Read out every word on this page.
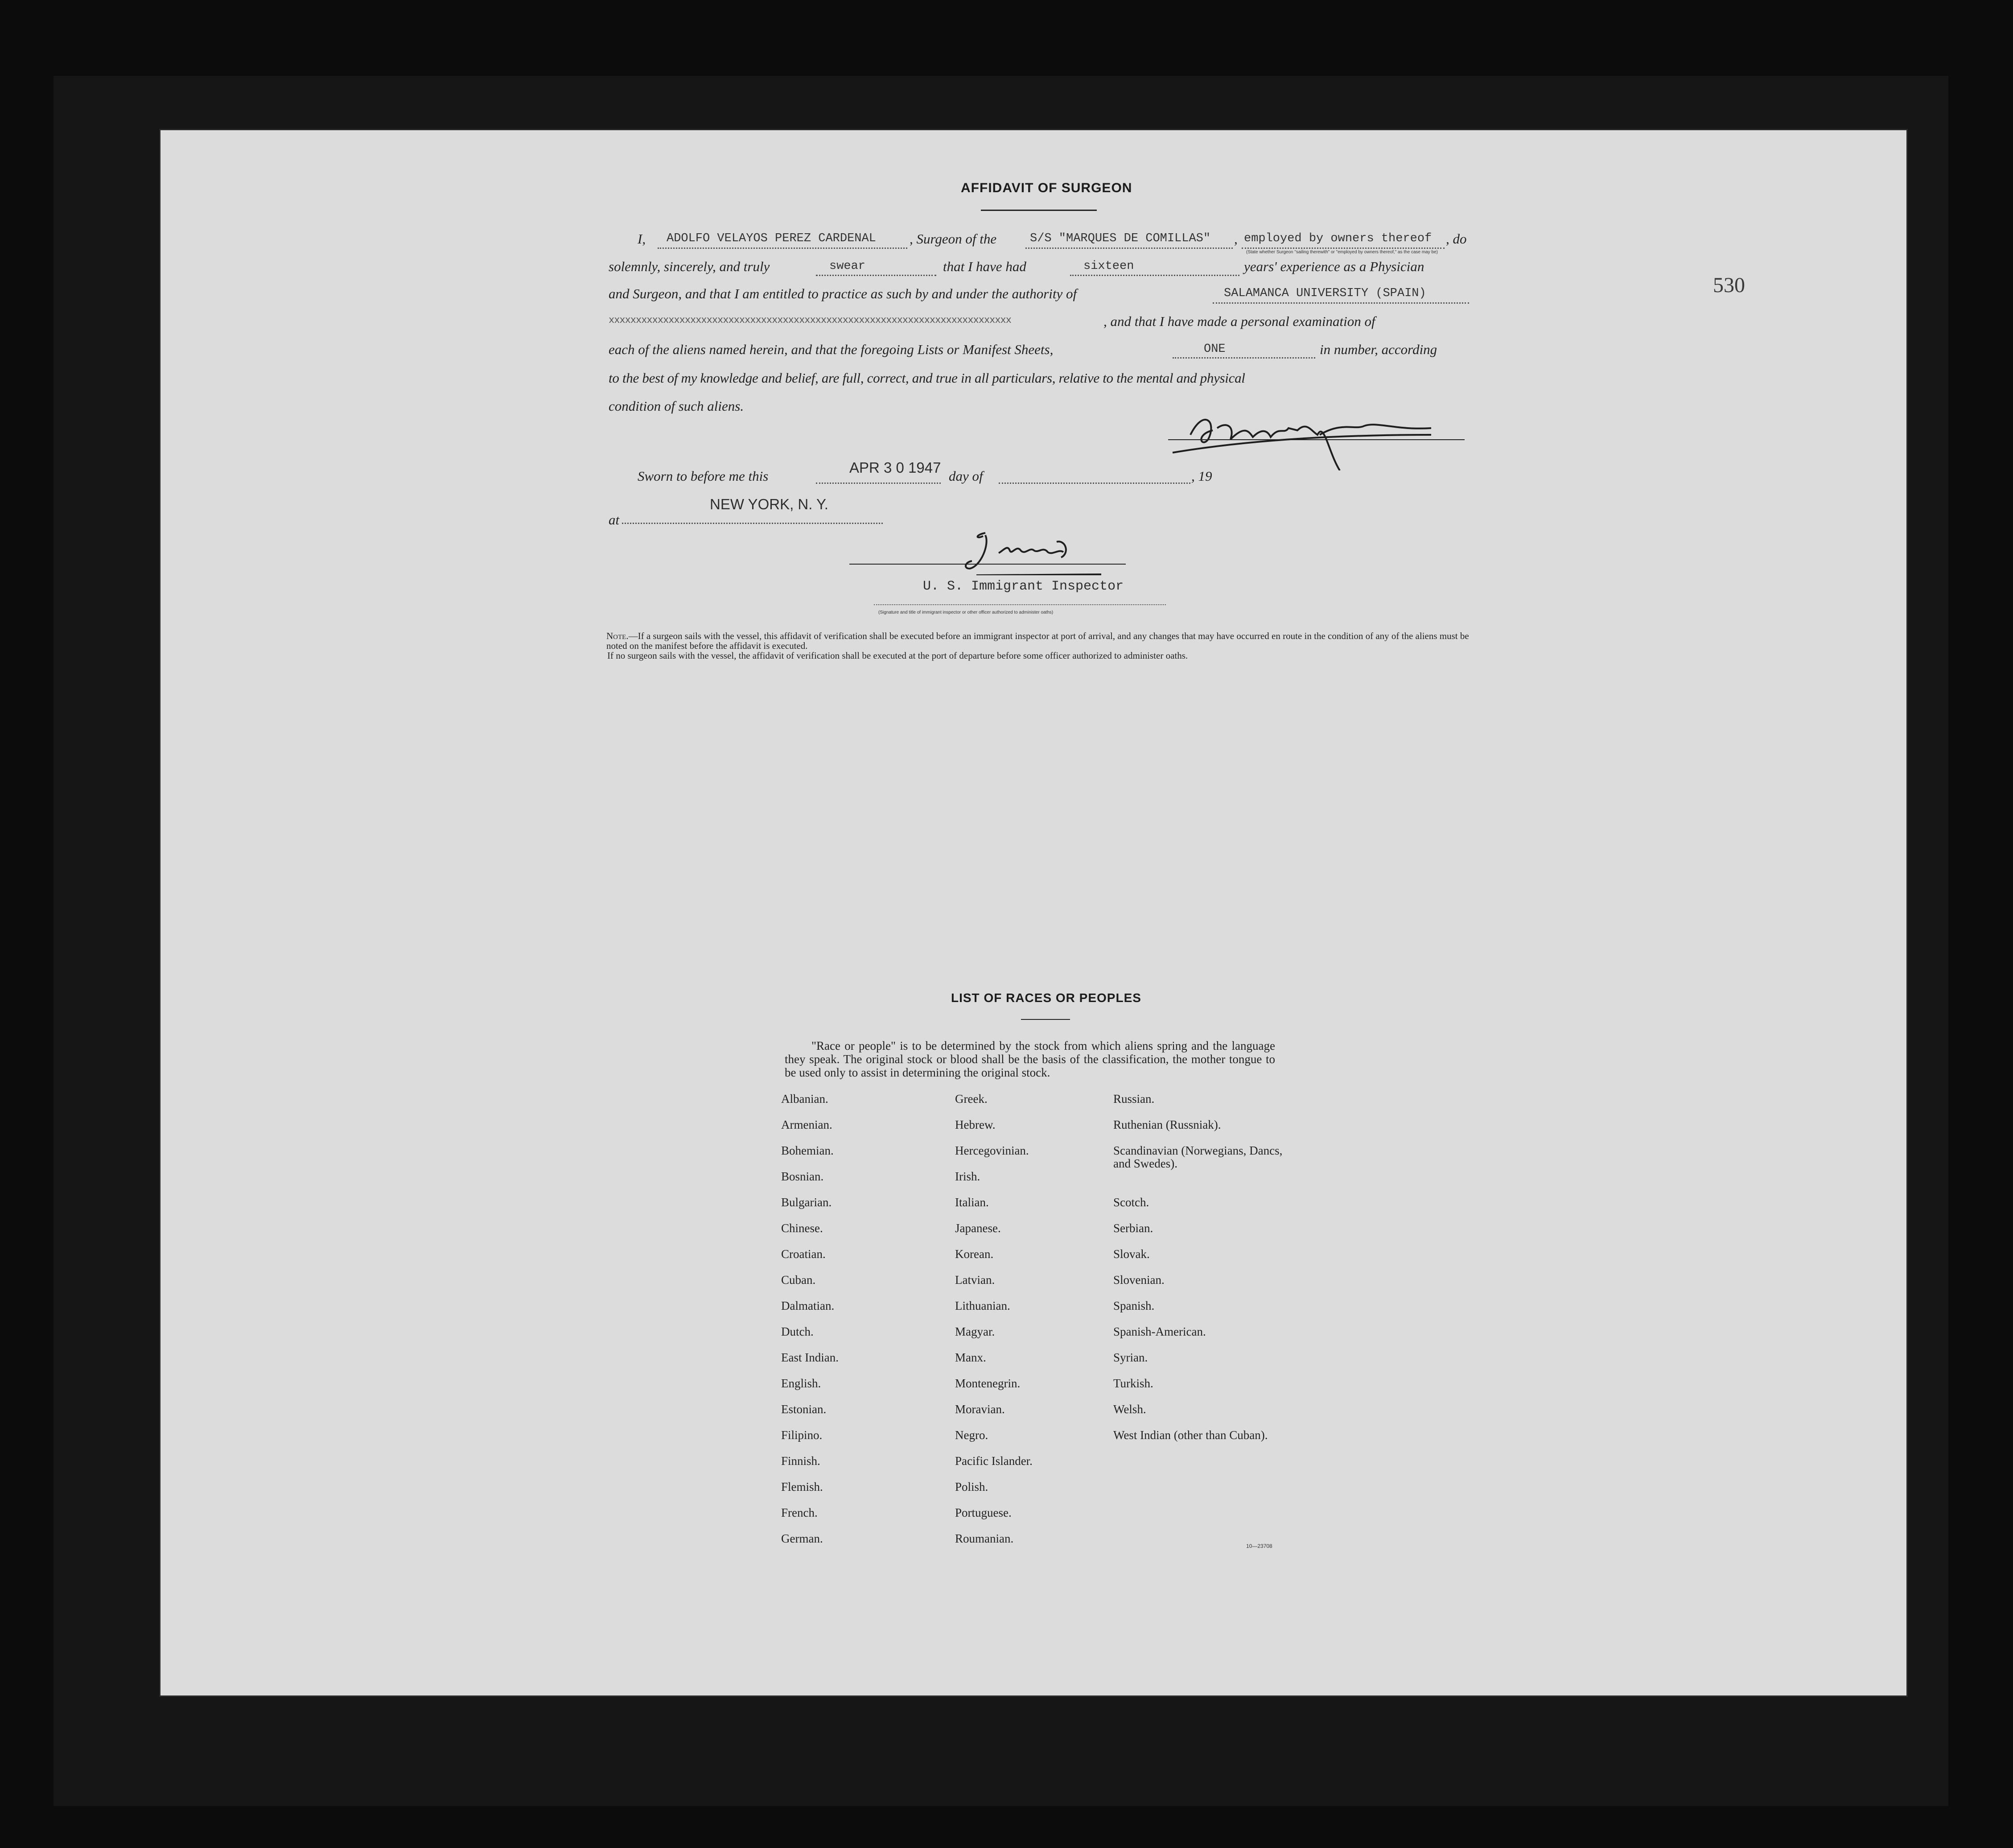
530
AFFIDAVIT OF SURGEON
I, ADOLFO VELAYOS PEREZ CARDENAL , Surgeon of the	S/S "MARQUES DE COMILLAS" , employed by owners thereof , do
(State whether Surgeon "sailing therewith" or "employed by owners thereof," as the case may be)
solemnly, sincerely, and truly	swear	that I have had	sixteen	years' experience as a Physician
and Surgeon, and that I am entitled to practice as such by and under the authority of	SALAMANCA UNIVERSITY (SPAIN)
xxxxxxxxxxxxxxxxxxxxxxxxxxxxxxxxxxxxxxxxxxxxxxxxxxxxxxxxxxxxxxxxxxxxxxxxxx	, and that I have made a personal examination of
each of the aliens named herein, and that the foregoing Lists or Manifest Sheets,	ONE	in number, according
to the best of my knowledge and belief, are full, correct, and true in all particulars, relative to the mental and physical
condition of such aliens.
Sworn to before me this
APR 3 0 1947
day of	, 19
at
NEW YORK, N. Y.
U. S. Immigrant Inspector
(Signature and title of immigrant inspector or other officer authorized to administer oaths)
Note.—If a surgeon sails with the vessel, this affidavit of verification shall be executed before an immigrant inspector at port of arrival, and any changes that may have occurred en route in the condition of any of the aliens must be noted on the manifest before the affidavit is executed.
If no surgeon sails with the vessel, the affidavit of verification shall be executed at the port of departure before some officer authorized to administer oaths.
LIST OF RACES OR PEOPLES
"Race or people" is to be determined by the stock from which aliens spring and the language they speak. The original stock or blood shall be the basis of the classification, the mother tongue to be used only to assist in determining the original stock.
Albanian.
Armenian.
Bohemian.
Bosnian.
Bulgarian.
Chinese.
Croatian.
Cuban.
Dalmatian.
Dutch.
East Indian.
English.
Estonian.
Filipino.
Finnish.
Flemish.
French.
German.
Greek.
Hebrew.
Hercegovinian.
Irish.
Italian.
Japanese.
Korean.
Latvian.
Lithuanian.
Magyar.
Manx.
Montenegrin.
Moravian.
Negro.
Pacific Islander.
Polish.
Portuguese.
Roumanian.
Russian.
Ruthenian (Russniak).
Scandinavian (Norwegians, Dancs, and Swedes).
Scotch.
Serbian.
Slovak.
Slovenian.
Spanish.
Spanish-American.
Syrian.
Turkish.
Welsh.
West Indian (other than Cuban).
10—23708
